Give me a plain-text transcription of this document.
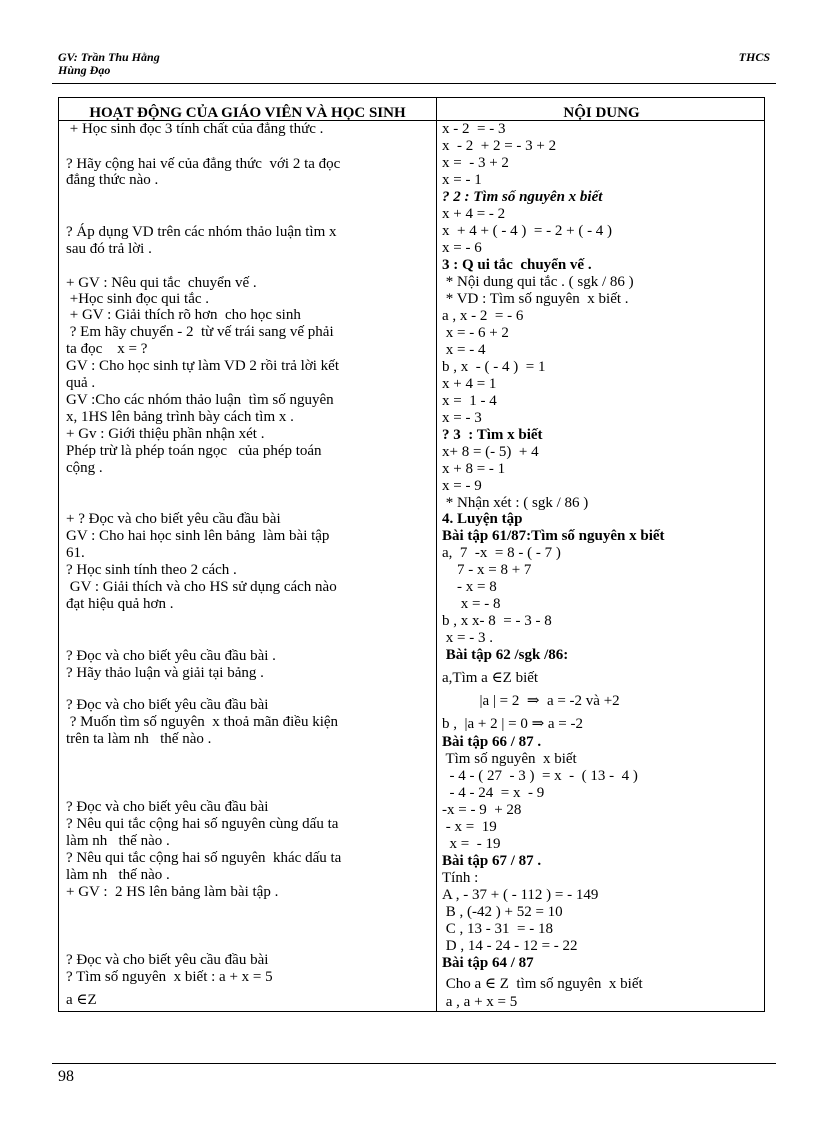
GV: Trần Thu Hằng
Hùng Đạo
THCS
HOẠT ĐỘNG CỦA GIÁO VIÊN VÀ HỌC SINH	NỘI DUNG
+ Học sinh đọc 3 tính chất của đẳng thức .
? Hãy cộng hai vế của đẳng thức  với 2 ta đọc
đẳng thức nào .
? Áp dụng VD trên các nhóm thảo luận tìm x
sau đó trả lời .
+ GV : Nêu qui tắc  chuyển vế .
+Học sinh đọc qui tắc .
+ GV : Giải thích rõ hơn  cho học sinh
? Em hãy chuyển - 2  từ vế trái sang vế phải
ta đọc    x = ?
GV : Cho học sinh tự làm VD 2 rồi trả lời kết
quả .
GV :Cho các nhóm thảo luận  tìm số nguyên
x, 1HS lên bảng trình bày cách tìm x .
+ Gv : Giới thiệu phần nhận xét .
Phép trừ là phép toán ngọc   của phép toán
cộng .
+ ? Đọc và cho biết yêu cầu đầu bài
GV : Cho hai học sinh lên bảng  làm bài tập
61.
? Học sinh tính theo 2 cách .
GV : Giải thích và cho HS sử dụng cách nào
đạt hiệu quả hơn .
? Đọc và cho biết yêu cầu đầu bài .
? Hãy thảo luận và giải tại bảng .
? Đọc và cho biết yêu cầu đầu bài
? Muốn tìm số nguyên  x thoả mãn điều kiện
trên ta làm nh   thế nào .
? Đọc và cho biết yêu cầu đầu bài
? Nêu qui tắc cộng hai số nguyên cùng dấu ta
làm nh   thế nào .
? Nêu qui tắc cộng hai số nguyên  khác dấu ta
làm nh   thế nào .
+ GV :  2 HS lên bảng làm bài tập .
? Đọc và cho biết yêu cầu đầu bài
? Tìm số nguyên  x biết : a + x = 5
a ∈Z
x - 2  = - 3
x  - 2  + 2 = - 3 + 2
x =  - 3 + 2
x = - 1
? 2 : Tìm số nguyên x biết
x + 4 = - 2
x  + 4 + ( - 4 )  = - 2 + ( - 4 )
x = - 6
3 : Q ui tắc  chuyển vế .
* Nội dung qui tắc . ( sgk / 86 )
* VD : Tìm số nguyên  x biết .
a , x - 2  = - 6
x = - 6 + 2
x = - 4
b , x  - ( - 4 )  = 1
x + 4 = 1
x =  1 - 4
x = - 3
? 3  : Tìm x biết
x+ 8 = (- 5)  + 4
x + 8 = - 1
x = - 9
* Nhận xét : ( sgk / 86 )
4. Luyện tập
Bài tập 61/87:Tìm số nguyên x biết
a,  7  -x  = 8 - ( - 7 )
7 - x = 8 + 7
- x = 8
x = - 8
b , x x- 8  = - 3 - 8
x = - 3 .
Bài tập 62 /sgk /86:
a,Tìm a ∈Z biết
|a | = 2  ⇒  a = -2 và +2
b ,  |a + 2 | = 0 ⇒ a = -2
Bài tập 66 / 87 .
Tìm số nguyên  x biết
- 4 - ( 27  - 3 )  = x  -  ( 13 -  4 )
- 4 - 24  = x  - 9
-x = - 9  + 28
- x =  19
x =  - 19
Bài tập 67 / 87 .
Tính :
A , - 37 + ( - 112 ) = - 149
B , (-42 ) + 52 = 10
C , 13 - 31  = - 18
D , 14 - 24 - 12 = - 22
Bài tập 64 / 87
Cho a ∈ Z  tìm số nguyên  x biết
a , a + x = 5
98
